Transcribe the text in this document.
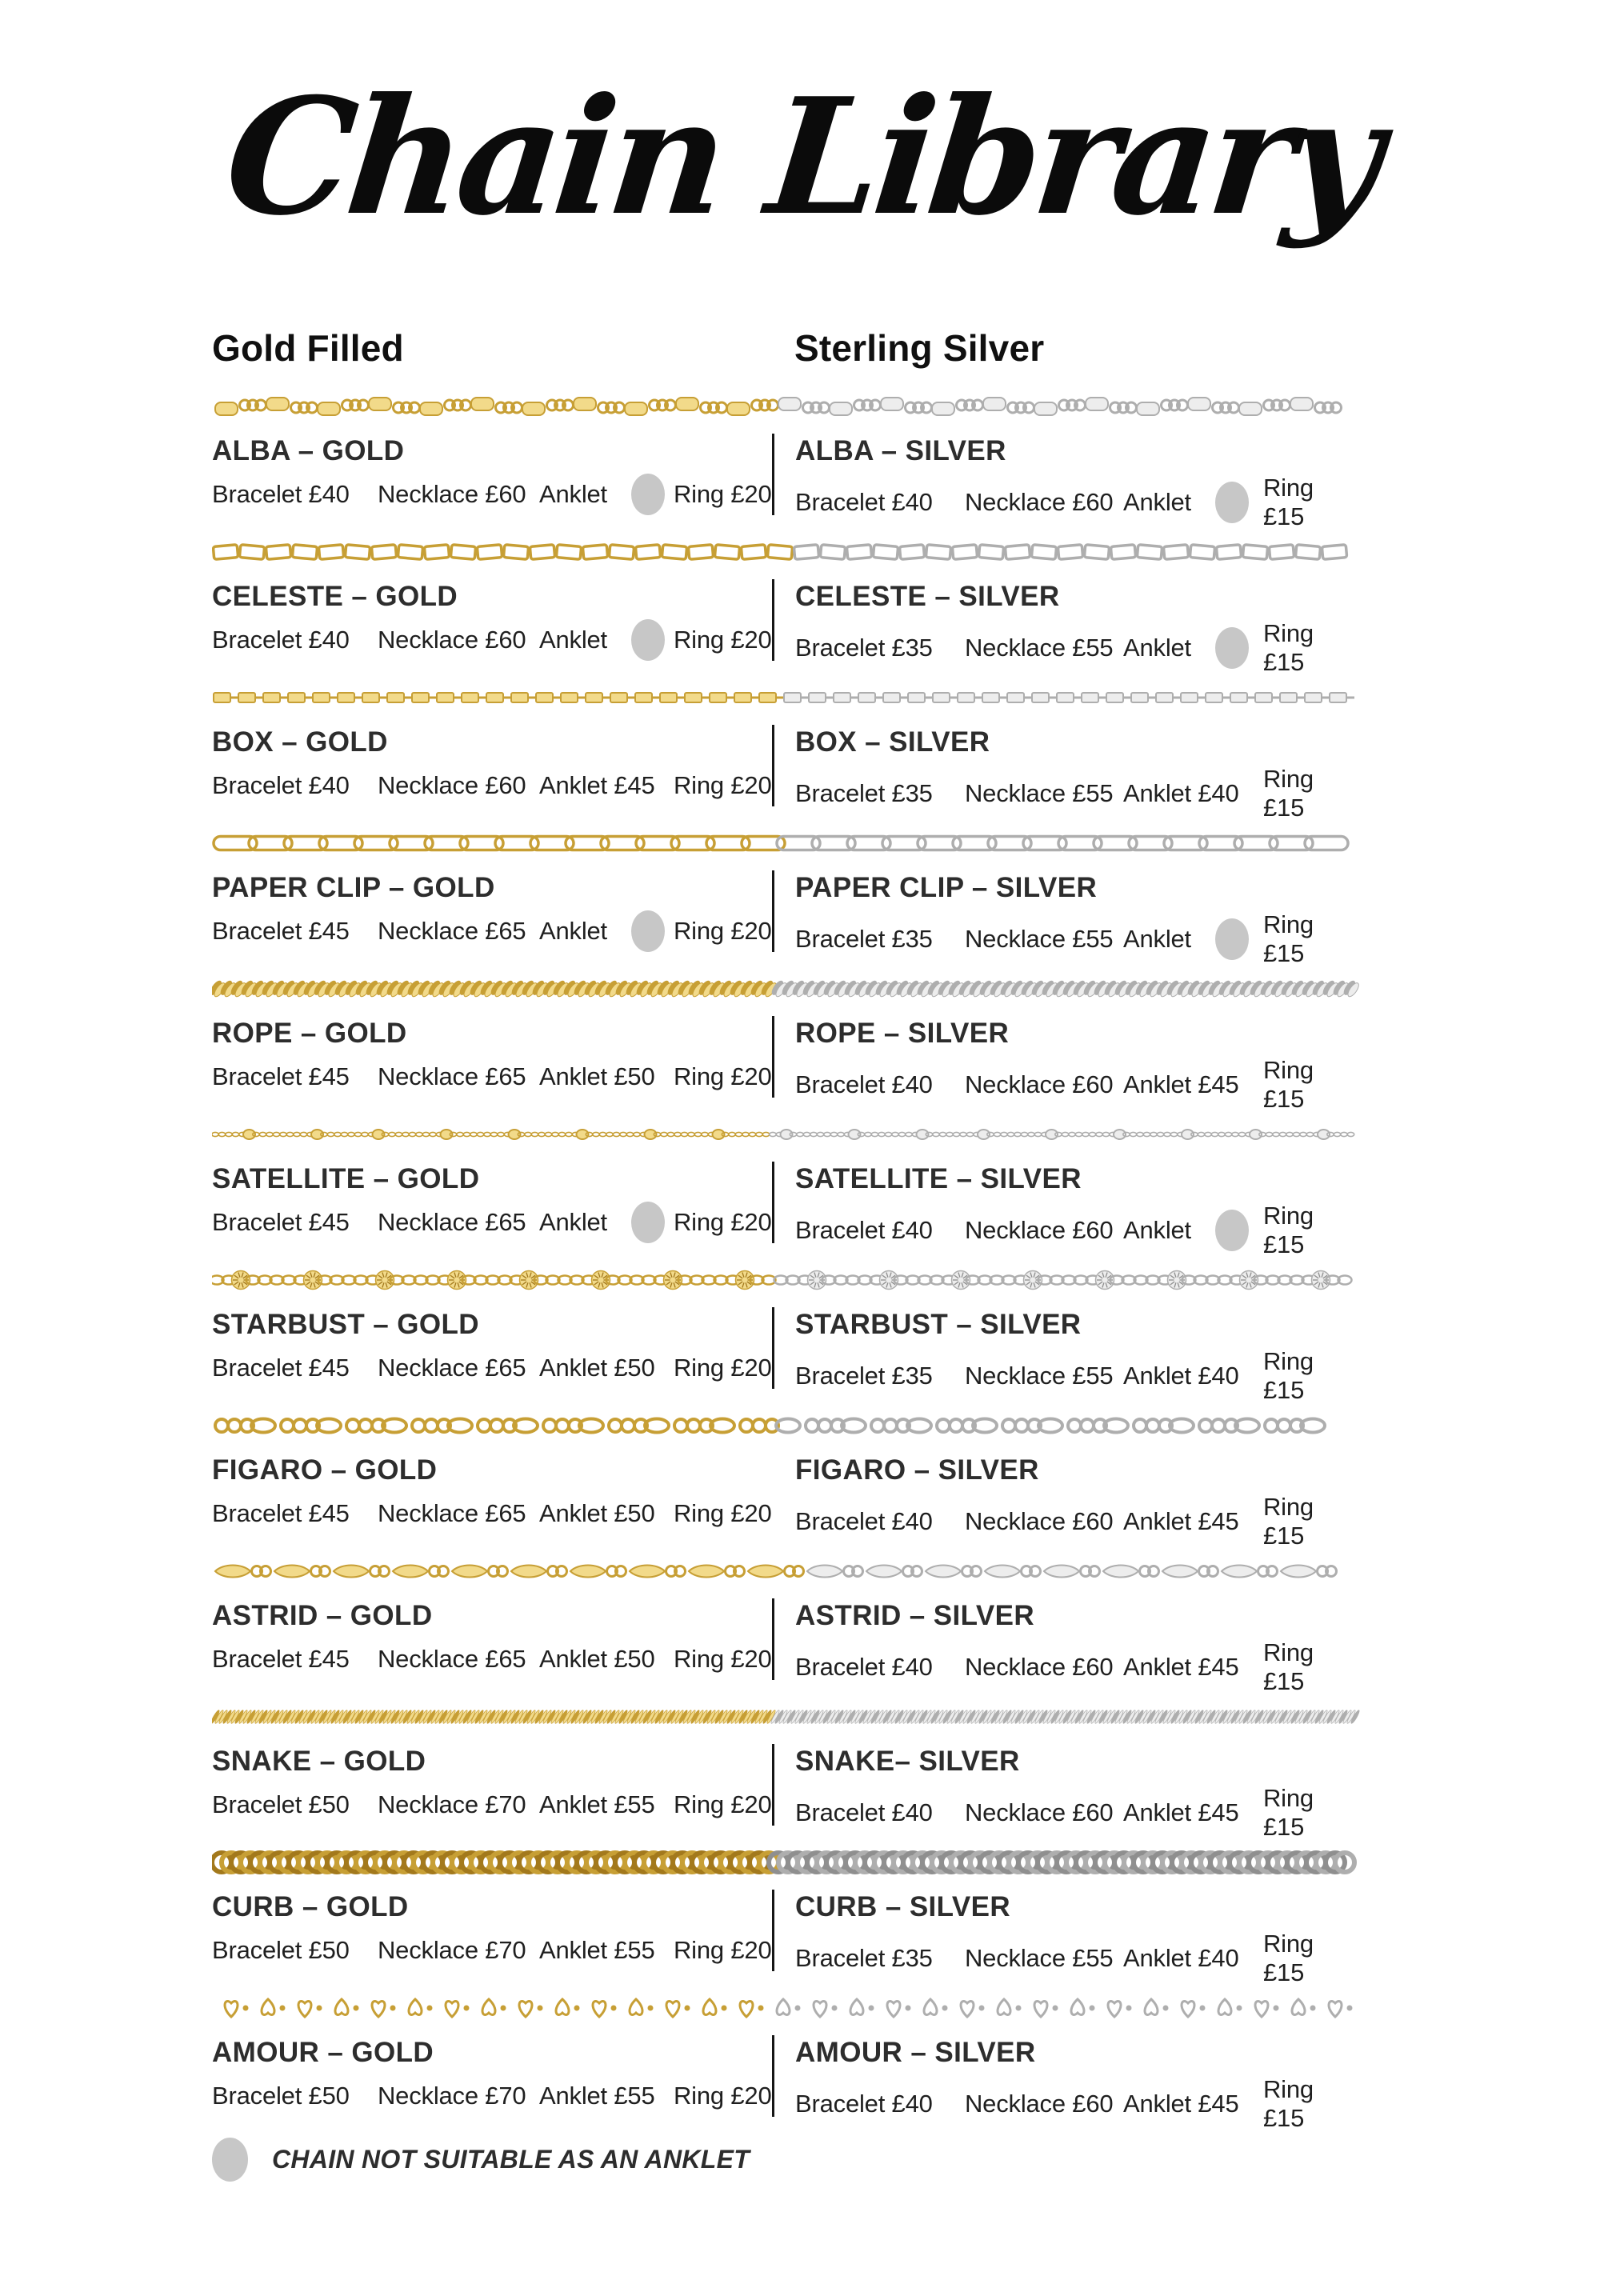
Chain Library
Gold Filled	Sterling Silver
ALBA – GOLD
Bracelet £40	Necklace £60 Anklet	Ring £20
ALBA – SILVER
Bracelet £40	Necklace £60 Anklet
Ring £15
CELESTE – GOLD
Bracelet £40	Necklace £60 Anklet	Ring £20
CELESTE – SILVER
Bracelet £35	Necklace £55 Anklet
Ring £15
BOX – GOLD
Bracelet £40	Necklace £60 Anklet £45 Ring £20
BOX – SILVER
Bracelet £35	Necklace £55 Anklet £40
Ring £15
PAPER CLIP – GOLD
Bracelet £45	Necklace £65 Anklet	Ring £20
PAPER CLIP – SILVER
Bracelet £35	Necklace £55 Anklet
Ring £15
ROPE – GOLD
Bracelet £45	Necklace £65 Anklet £50 Ring £20
ROPE – SILVER
Bracelet £40	Necklace £60 Anklet £45
Ring £15
SATELLITE – GOLD
Bracelet £45	Necklace £65 Anklet	Ring £20
SATELLITE – SILVER
Bracelet £40	Necklace £60 Anklet
Ring £15
STARBUST – GOLD
Bracelet £45	Necklace £65 Anklet £50 Ring £20
STARBUST – SILVER
Bracelet £35	Necklace £55 Anklet £40
Ring £15
FIGARO – GOLD
Bracelet £45	Necklace £65 Anklet £50 Ring £20
FIGARO – SILVER
Bracelet £40	Necklace £60 Anklet £45
Ring £15
ASTRID – GOLD
Bracelet £45	Necklace £65 Anklet £50 Ring £20
ASTRID – SILVER
Bracelet £40	Necklace £60 Anklet £45
Ring £15
SNAKE – GOLD
Bracelet £50	Necklace £70 Anklet £55 Ring £20
SNAKE– SILVER
Bracelet £40	Necklace £60 Anklet £45
Ring £15
CURB – GOLD
Bracelet £50	Necklace £70 Anklet £55 Ring £20
CURB – SILVER
Bracelet £35	Necklace £55 Anklet £40
Ring £15
AMOUR – GOLD
Bracelet £50	Necklace £70 Anklet £55 Ring £20
AMOUR – SILVER
Bracelet £40	Necklace £60 Anklet £45
Ring £15
CHAIN NOT SUITABLE AS AN ANKLET
